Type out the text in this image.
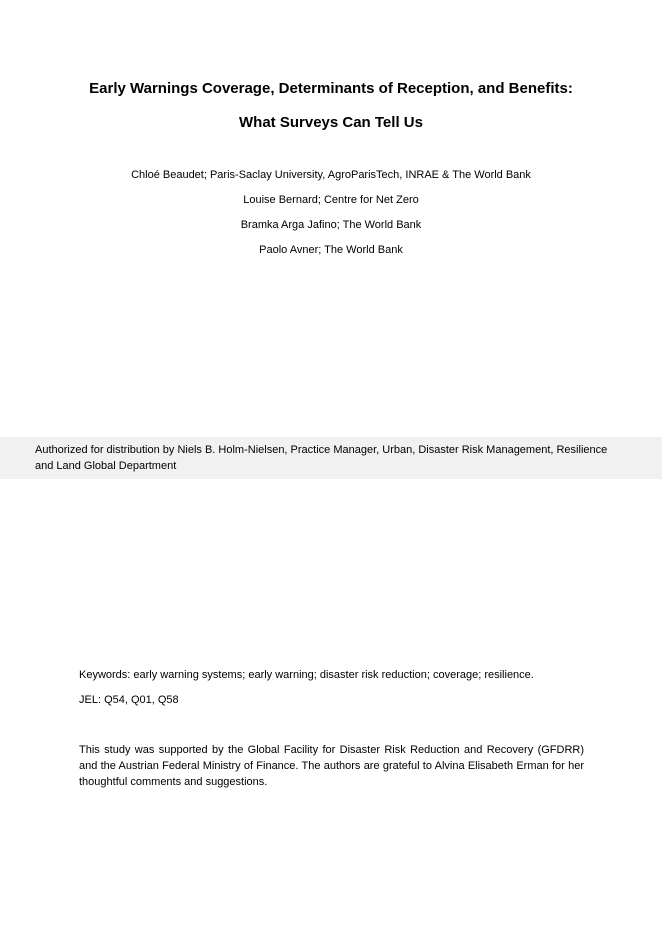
Early Warnings Coverage, Determinants of Reception, and Benefits:
What Surveys Can Tell Us
Chloé Beaudet; Paris-Saclay University, AgroParisTech, INRAE & The World Bank
Louise Bernard; Centre for Net Zero
Bramka Arga Jafino; The World Bank
Paolo Avner; The World Bank
Authorized for distribution by Niels B. Holm-Nielsen, Practice Manager, Urban, Disaster Risk Management, Resilience and Land Global Department
Keywords: early warning systems; early warning; disaster risk reduction; coverage; resilience.
JEL: Q54, Q01, Q58
This study was supported by the Global Facility for Disaster Risk Reduction and Recovery (GFDRR) and the Austrian Federal Ministry of Finance. The authors are grateful to Alvina Elisabeth Erman for her thoughtful comments and suggestions.
